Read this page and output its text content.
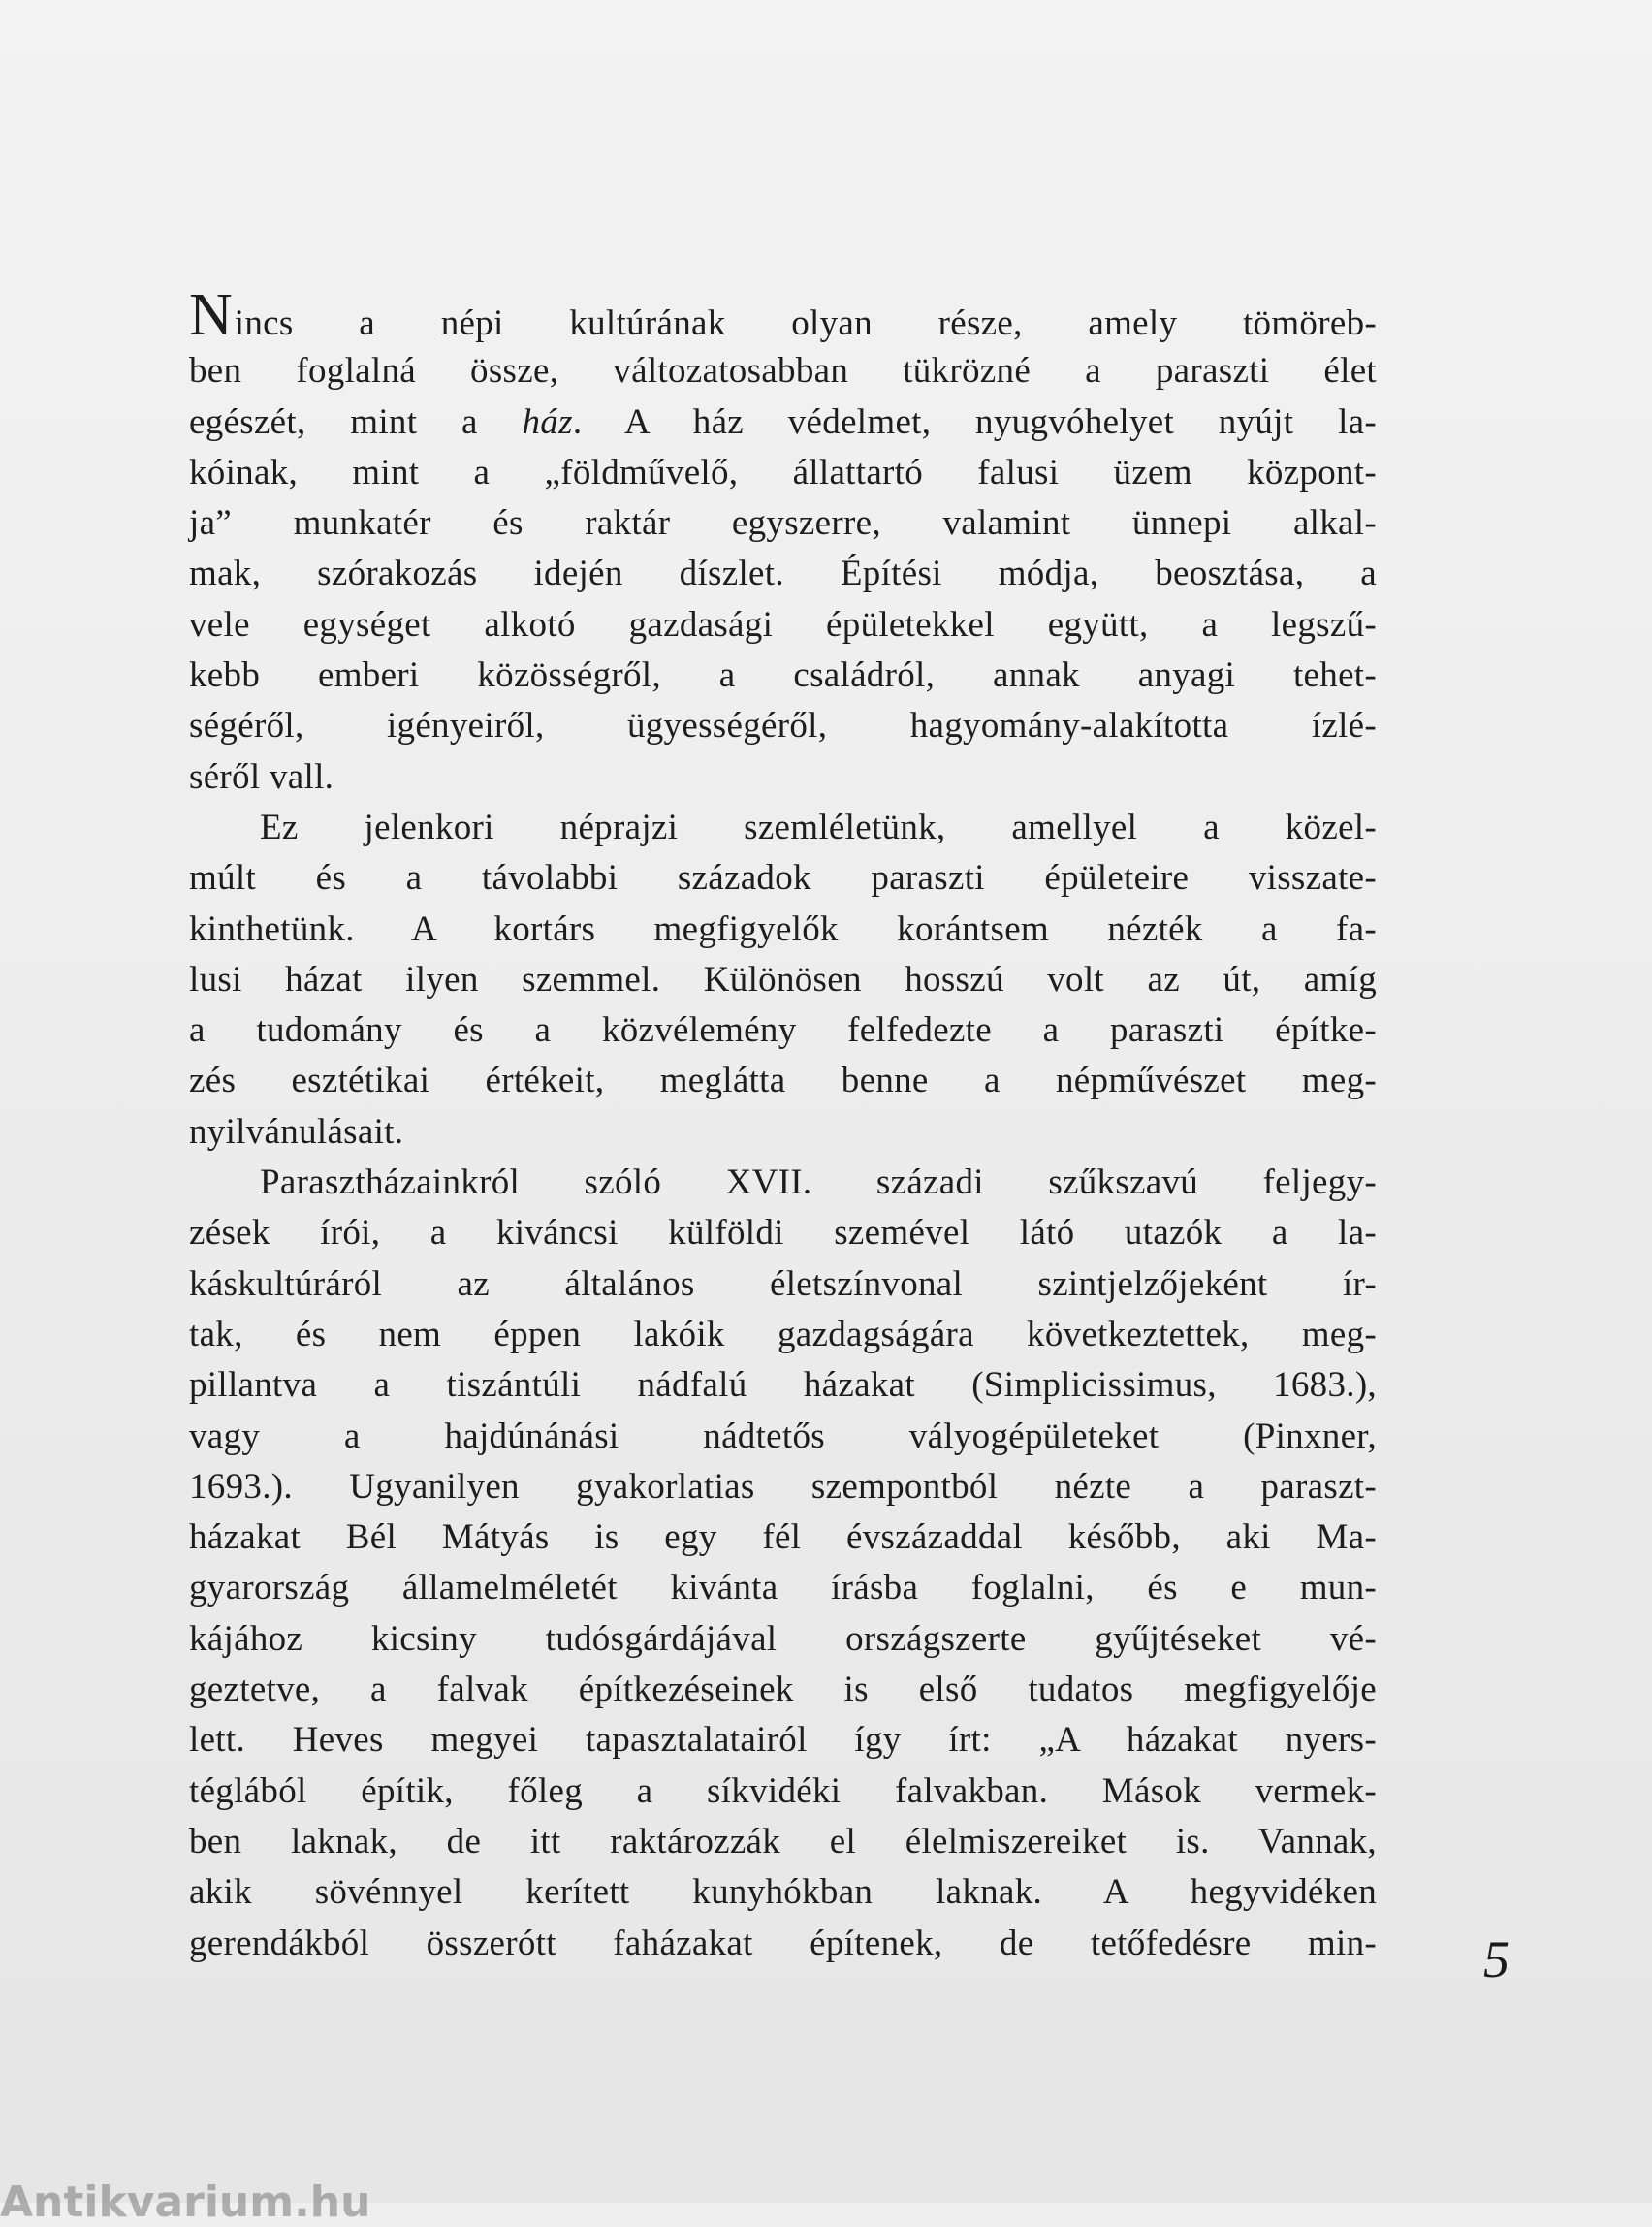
Nincs a népi kultúrának olyan része, amely tömöreb-
ben foglalná össze, változatosabban tükrözné a paraszti élet
egészét, mint a ház. A ház védelmet, nyugvóhelyet nyújt la-
kóinak, mint a „földművelő, állattartó falusi üzem központ-
ja” munkatér és raktár egyszerre, valamint ünnepi alkal-
mak, szórakozás idején díszlet. Építési módja, beosztása, a
vele egységet alkotó gazdasági épületekkel együtt, a legszű-
kebb emberi közösségről, a családról, annak anyagi tehet-
ségéről, igényeiről, ügyességéről, hagyomány-alakította ízlé-
séről vall.
Ez jelenkori néprajzi szemléletünk, amellyel a közel-
múlt és a távolabbi századok paraszti épületeire visszate-
kinthetünk. A kortárs megfigyelők korántsem nézték a fa-
lusi házat ilyen szemmel. Különösen hosszú volt az út, amíg
a tudomány és a közvélemény felfedezte a paraszti építke-
zés esztétikai értékeit, meglátta benne a népművészet meg-
nyilvánulásait.
Parasztházainkról szóló XVII. századi szűkszavú feljegy-
zések írói, a kiváncsi külföldi szemével látó utazók a la-
káskultúráról az általános életszínvonal szintjelzőjeként ír-
tak, és nem éppen lakóik gazdagságára következtettek, meg-
pillantva a tiszántúli nádfalú házakat (Simplicissimus, 1683.),
vagy a hajdúnánási nádtetős vályogépületeket (Pinxner,
1693.). Ugyanilyen gyakorlatias szempontból nézte a paraszt-
házakat Bél Mátyás is egy fél évszázaddal később, aki Ma-
gyarország államelméletét kivánta írásba foglalni, és e mun-
kájához kicsiny tudósgárdájával országszerte gyűjtéseket vé-
geztetve, a falvak építkezéseinek is első tudatos megfigyelője
lett. Heves megyei tapasztalatairól így írt: „A házakat nyers-
téglából építik, főleg a síkvidéki falvakban. Mások vermek-
ben laknak, de itt raktározzák el élelmiszereiket is. Vannak,
akik sövénnyel kerített kunyhókban laknak. A hegyvidéken
gerendákból összerótt faházakat építenek, de tetőfedésre min- 5
Antikvarium.hu
